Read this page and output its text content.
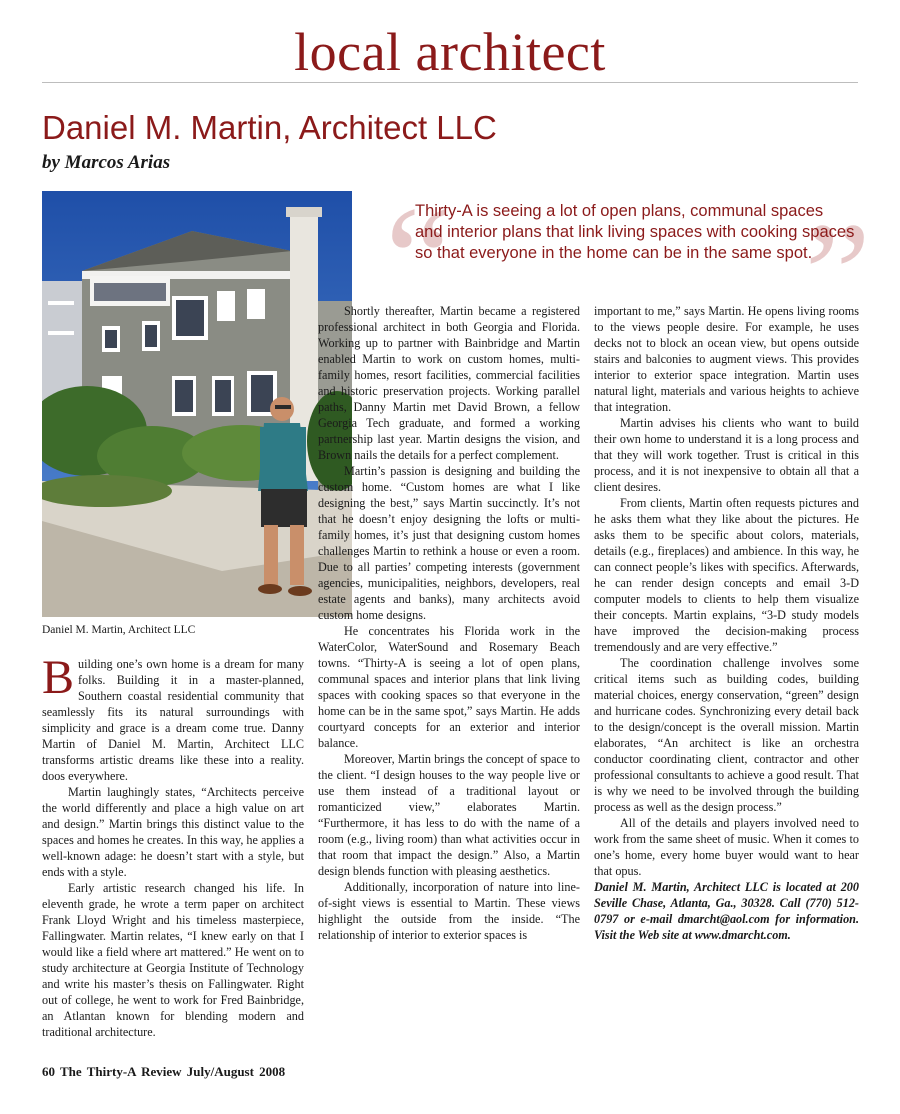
local architect
Daniel M. Martin, Architect LLC
by Marcos Arias
Daniel M. Martin, Architect LLC
“ ”
Thirty-A is seeing a lot of open plans, communal spaces and interior plans that link living spaces with cooking spaces so that everyone in the home can be in the same spot.

Building one’s own home is a dream for many folks. Building it in a master-planned, Southern coastal residential community that seamlessly fits its natural surroundings with simplicity and grace is a dream come true. Danny Martin of Daniel M. Martin, Architect LLC transforms artistic dreams like these into a reality. doos everywhere.

Martin laughingly states, “Architects perceive the world differently and place a high value on art and design.” Martin brings this distinct value to the spaces and homes he creates. In this way, he applies a well-known adage: he doesn’t start with a style, but ends with a style.

Early artistic research changed his life. In eleventh grade, he wrote a term paper on architect Frank Lloyd Wright and his timeless masterpiece, Fallingwater. Martin relates, “I knew early on that I would like a field where art mattered.” He went on to study architecture at Georgia Institute of Technology and write his master’s thesis on Fallingwater. Right out of college, he went to work for Fred Bainbridge, an Atlantan known for blending modern and traditional architecture.

Shortly thereafter, Martin became a registered professional architect in both Georgia and Florida. Working up to partner with Bainbridge and Martin enabled Martin to work on custom homes, multi-family homes, resort facilities, commercial facilities and historic preservation projects. Working parallel paths, Danny Martin met David Brown, a fellow Georgia Tech graduate, and formed a working partnership last year. Martin designs the vision, and Brown nails the details for a perfect complement.

Martin’s passion is designing and building the custom home. “Custom homes are what I like designing the best,” says Martin succinctly. It’s not that he doesn’t enjoy designing the lofts or multi-family homes, it’s just that designing custom homes challenges Martin to rethink a house or even a room. Due to all parties’ competing interests (government agencies, municipalities, neighbors, developers, real estate agents and banks), many architects avoid custom home designs.

He concentrates his Florida work in the WaterColor, WaterSound and Rosemary Beach towns. “Thirty-A is seeing a lot of open plans, communal spaces and interior plans that link living spaces with cooking spaces so that everyone in the home can be in the same spot,” says Martin. He adds courtyard concepts for an exterior and interior balance.

Moreover, Martin brings the concept of space to the client. “I design houses to the way people live or use them instead of a traditional layout or romanticized view,” elaborates Martin. “Furthermore, it has less to do with the name of a room (e.g., living room) than what activities occur in that room that impact the design.” Also, a Martin design blends function with pleasing aesthetics.

Additionally, incorporation of nature into line-of-sight views is essential to Martin. These views highlight the outside from the inside. “The relationship of interior to exterior spaces is

important to me,” says Martin. He opens living rooms to the views people desire. For example, he uses decks not to block an ocean view, but opens outside stairs and balconies to augment views. This provides interior to exterior space integration. Martin uses natural light, materials and various heights to achieve that integration.

Martin advises his clients who want to build their own home to understand it is a long process and that they will work together. Trust is critical in this process, and it is not inexpensive to obtain all that a client desires.

From clients, Martin often requests pictures and he asks them what they like about the pictures. He asks them to be specific about colors, materials, details (e.g., fireplaces) and ambience. In this way, he can connect people’s likes with specifics. Afterwards, he can render design concepts and email 3-D computer models to clients to help them visualize their concepts. Martin explains, “3-D study models have improved the decision-making process tremendously and are very effective.”

The coordination challenge involves some critical items such as building codes, building material choices, energy conservation, “green” design and hurricane codes. Synchronizing every detail back to the design/concept is the overall mission. Martin elaborates, “An architect is like an orchestra conductor coordinating client, contractor and other professional consultants to achieve a good result. That is why we need to be involved through the building process as well as the design process.”

All of the details and players involved need to work from the same sheet of music. When it comes to one’s home, every home buyer would want to hear that opus.

Daniel M. Martin, Architect LLC is located at 200 Seville Chase, Atlanta, Ga., 30328. Call (770) 512-0797 or e-mail dmarcht@aol.com for information. Visit the Web site at www.dmarcht.com.

60 The Thirty-A Review July/August 2008
